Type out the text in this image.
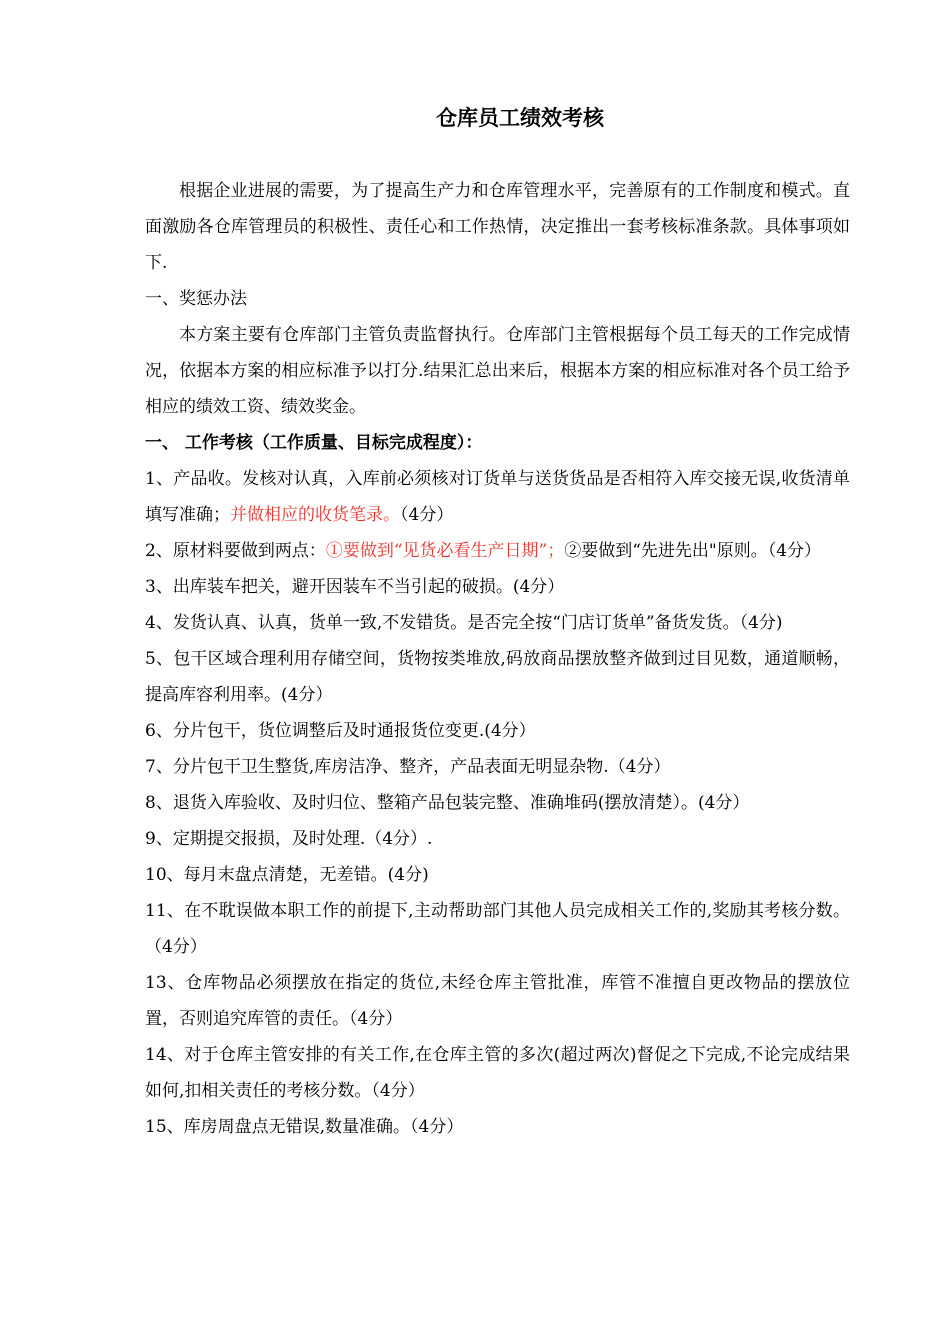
仓库员工绩效考核

根据企业进展的需要，为了提高生产力和仓库管理水平，完善原有的工作制度和模式。直面激励各仓库管理员的积极性、责任心和工作热情，决定推出一套考核标准条款。具体事项如下.

一、奖惩办法

本方案主要有仓库部门主管负责监督执行。仓库部门主管根据每个员工每天的工作完成情况，依据本方案的相应标准予以打分.结果汇总出来后，根据本方案的相应标准对各个员工给予相应的绩效工资、绩效奖金。

一、 工作考核（工作质量、目标完成程度）：

1、产品收。发核对认真，入库前必须核对订货单与送货货品是否相符入库交接无误,收货清单填写准确；并做相应的收货笔录。（4分）

2、原材料要做到两点：①要做到“见货必看生产日期”；②要做到“先进先出"原则。（4分）

3、出库装车把关，避开因装车不当引起的破损。(4分）

4、发货认真、认真，货单一致,不发错货。是否完全按“门店订货单”备货发货。（4分)

5、包干区域合理利用存储空间，货物按类堆放,码放商品摆放整齐做到过目见数，通道顺畅，提高库容利用率。(4分）

6、分片包干，货位调整后及时通报货位变更.(4分）

7、分片包干卫生整货,库房洁净、整齐，产品表面无明显杂物.（4分）

8、退货入库验收、及时归位、整箱产品包装完整、准确堆码(摆放清楚）。(4分）

9、定期提交报损，及时处理.（4分）.

10、每月末盘点清楚，无差错。(4分)

11、在不耽误做本职工作的前提下,主动帮助部门其他人员完成相关工作的,奖励其考核分数。（4分）

13、仓库物品必须摆放在指定的货位,未经仓库主管批准，库管不准擅自更改物品的摆放位置，否则追究库管的责任。（4分）

14、对于仓库主管安排的有关工作,在仓库主管的多次(超过两次)督促之下完成,不论完成结果如何,扣相关责任的考核分数。（4分）

15、库房周盘点无错误,数量准确。（4分）
